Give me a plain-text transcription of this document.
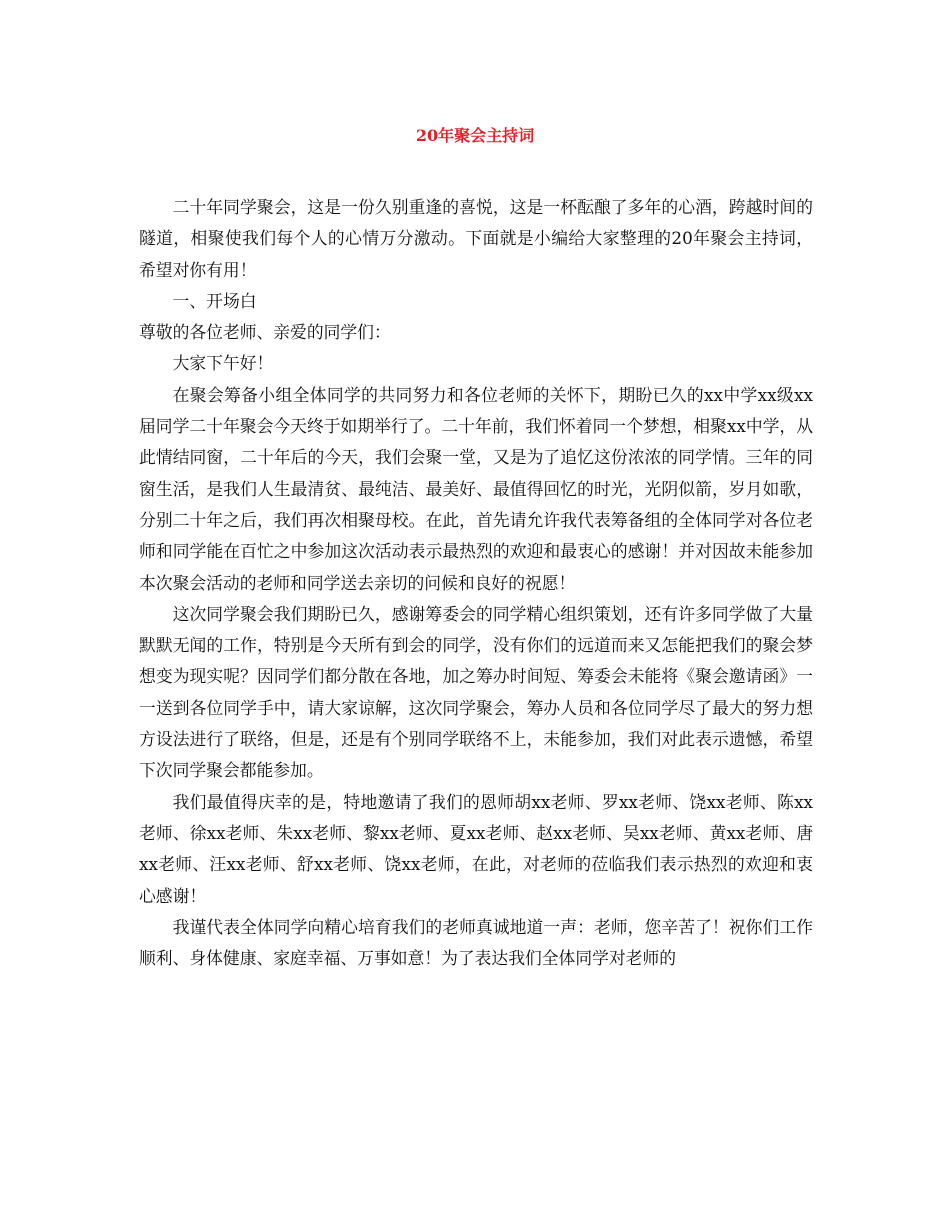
20年聚会主持词

二十年同学聚会，这是一份久别重逢的喜悦，这是一杯酝酿了多年的心酒，跨越时间的隧道，相聚使我们每个人的心情万分激动。下面就是小编给大家整理的20年聚会主持词，希望对你有用！

一、开场白

尊敬的各位老师、亲爱的同学们：

大家下午好！

在聚会筹备小组全体同学的共同努力和各位老师的关怀下，期盼已久的xx中学xx级xx届同学二十年聚会今天终于如期举行了。二十年前，我们怀着同一个梦想，相聚xx中学，从此情结同窗，二十年后的今天，我们会聚一堂，又是为了追忆这份浓浓的同学情。三年的同窗生活，是我们人生最清贫、最纯洁、最美好、最值得回忆的时光，光阴似箭，岁月如歌，分别二十年之后，我们再次相聚母校。在此，首先请允许我代表筹备组的全体同学对各位老师和同学能在百忙之中参加这次活动表示最热烈的欢迎和最衷心的感谢！并对因故未能参加本次聚会活动的老师和同学送去亲切的问候和良好的祝愿！

这次同学聚会我们期盼已久，感谢筹委会的同学精心组织策划，还有许多同学做了大量默默无闻的工作，特别是今天所有到会的同学，没有你们的远道而来又怎能把我们的聚会梦想变为现实呢？因同学们都分散在各地，加之筹办时间短、筹委会未能将《聚会邀请函》一一送到各位同学手中，请大家谅解，这次同学聚会，筹办人员和各位同学尽了最大的努力想方设法进行了联络，但是，还是有个别同学联络不上，未能参加，我们对此表示遗憾，希望下次同学聚会都能参加。

我们最值得庆幸的是，特地邀请了我们的恩师胡xx老师、罗xx老师、饶xx老师、陈xx老师、徐xx老师、朱xx老师、黎xx老师、夏xx老师、赵xx老师、吴xx老师、黄xx老师、唐xx老师、汪xx老师、舒xx老师、饶xx老师，在此，对老师的莅临我们表示热烈的欢迎和衷心感谢！

我谨代表全体同学向精心培育我们的老师真诚地道一声：老师，您辛苦了！祝你们工作顺利、身体健康、家庭幸福、万事如意！为了表达我们全体同学对老师的
